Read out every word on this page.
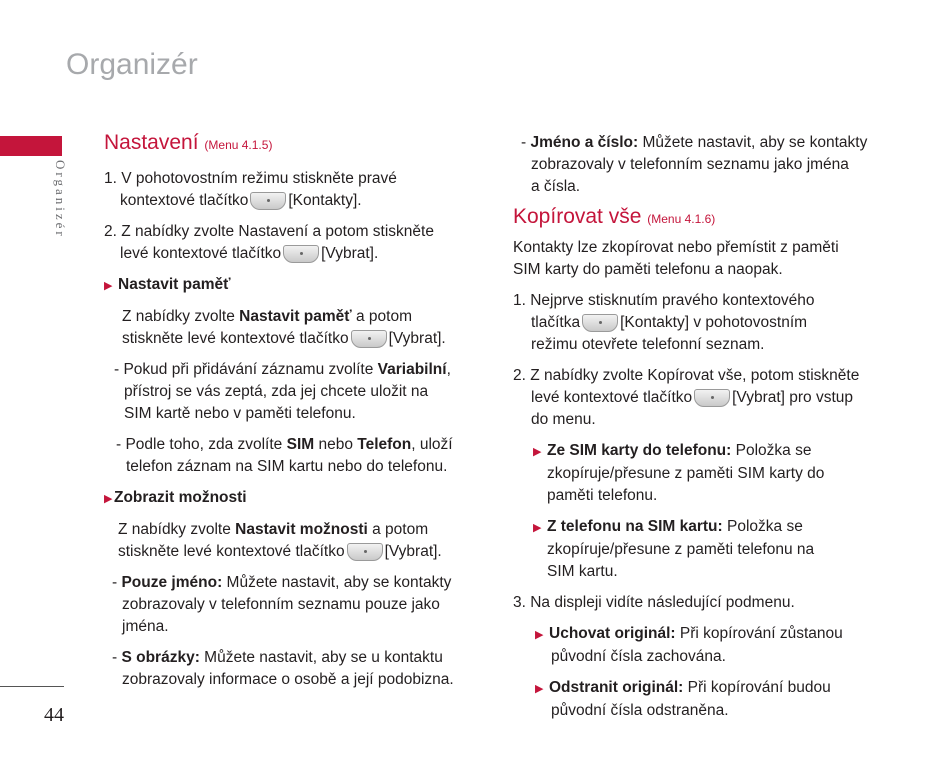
Organizér
Organizér
44

Nastavení (Menu 4.1.5)

1. V pohotovostním režimu stiskněte pravé

kontextové tlačítko	[Kontakty].

2. Z nabídky zvolte Nastavení a potom stiskněte

levé kontextové tlačítko	[Vybrat].

▶ Nastavit paměť

Z nabídky zvolte Nastavit paměť a potom

stiskněte levé kontextové tlačítko	[Vybrat].

- Pokud při přidávání záznamu zvolíte Variabilní,

přístroj se vás zeptá, zda jej chcete uložit na

SIM kartě nebo v paměti telefonu.

- Podle toho, zda zvolíte SIM nebo Telefon, uloží

telefon záznam na SIM kartu nebo do telefonu.

▶Zobrazit možnosti

Z nabídky zvolte Nastavit možnosti a potom

stiskněte levé kontextové tlačítko	[Vybrat].

- Pouze jméno: Můžete nastavit, aby se kontakty

zobrazovaly v telefonním seznamu pouze jako

jména.

- S obrázky: Můžete nastavit, aby se u kontaktu

zobrazovaly informace o osobě a její podobizna.

- Jméno a číslo: Můžete nastavit, aby se kontakty

zobrazovaly v telefonním seznamu jako jména

a čísla.

Kopírovat vše (Menu 4.1.6)

Kontakty lze zkopírovat nebo přemístit z paměti

SIM karty do paměti telefonu a naopak.

1. Nejprve stisknutím pravého kontextového

tlačítka	[Kontakty] v pohotovostním

režimu otevřete telefonní seznam.

2. Z nabídky zvolte Kopírovat vše, potom stiskněte

levé kontextové tlačítko	[Vybrat] pro vstup

do menu.

▶ Ze SIM karty do telefonu: Položka se

zkopíruje/přesune z paměti SIM karty do

paměti telefonu.

▶ Z telefonu na SIM kartu: Položka se

zkopíruje/přesune z paměti telefonu na

SIM kartu.

3. Na displeji vidíte následující podmenu.

▶ Uchovat originál: Při kopírování zůstanou

původní čísla zachována.

▶ Odstranit originál: Při kopírování budou

původní čísla odstraněna.
